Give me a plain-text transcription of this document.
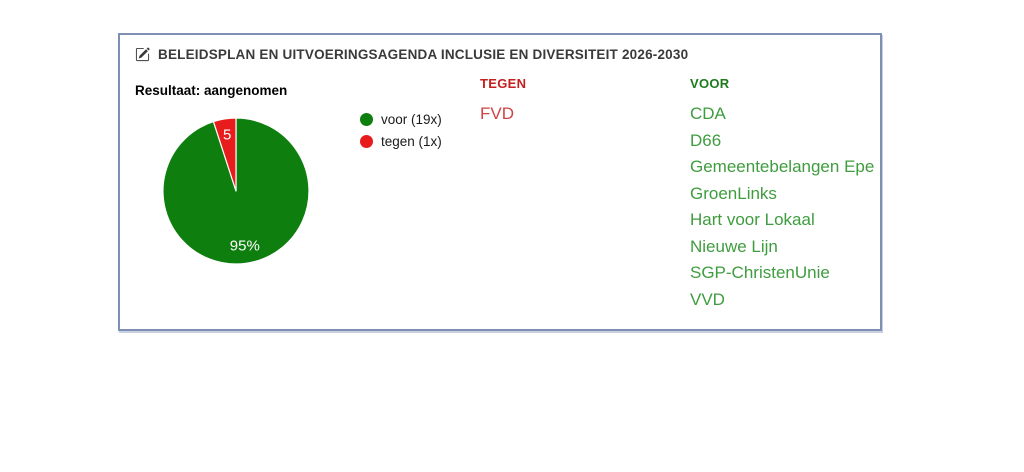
BELEIDSPLAN EN UITVOERINGSAGENDA INCLUSIE EN DIVERSITEIT 2026-2030
Resultaat: aangenomen
95%
5
voor (19x)
tegen (1x)
TEGEN
FVD
VOOR
CDA
D66
Gemeentebelangen Epe
GroenLinks
Hart voor Lokaal
Nieuwe Lijn
SGP-ChristenUnie
VVD
